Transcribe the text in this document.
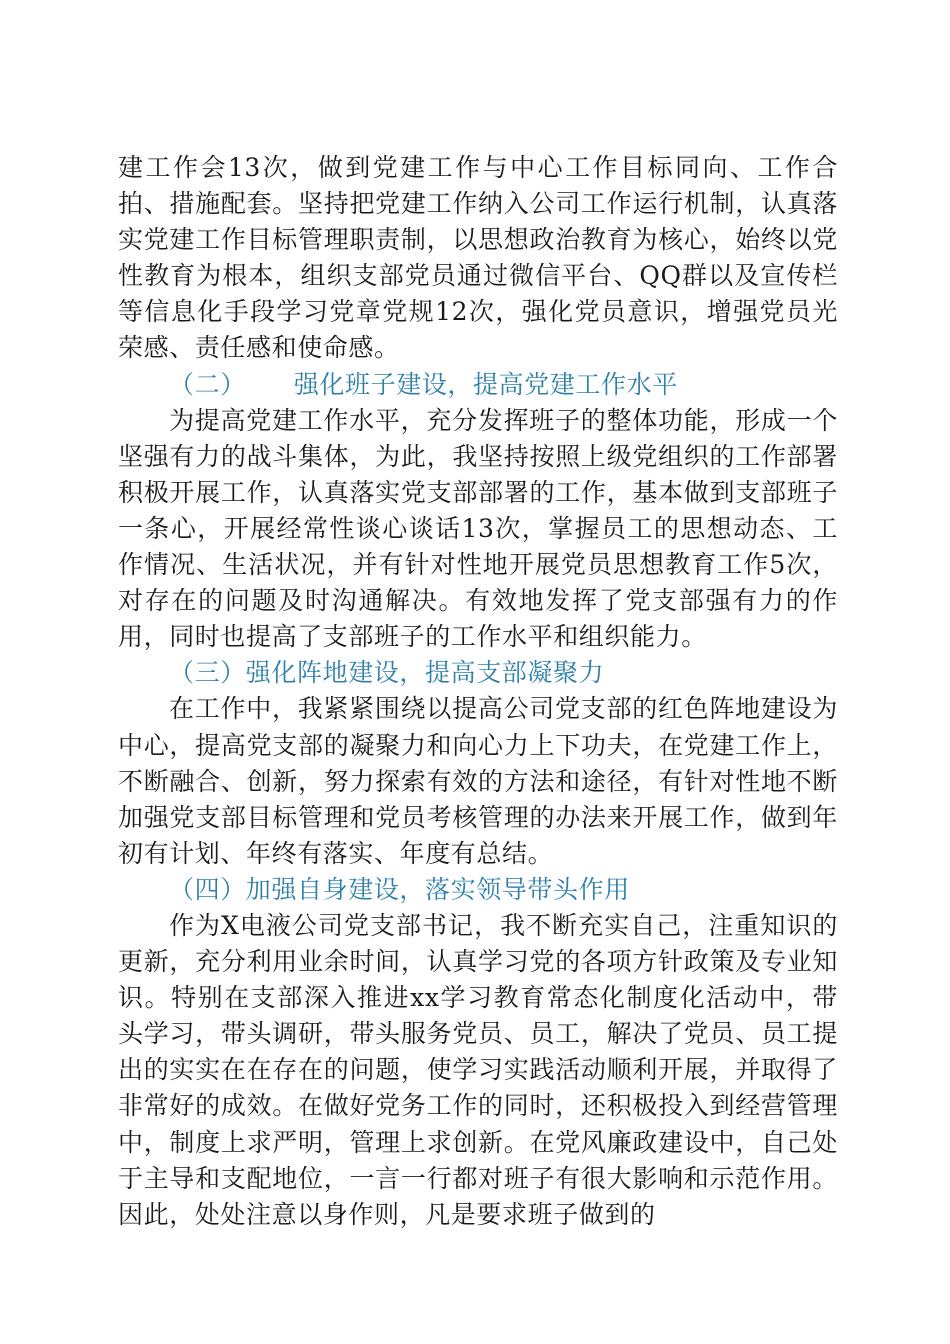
建工作会13次，做到党建工作与中心工作目标同向、工作合拍、措施配套。坚持把党建工作纳入公司工作运行机制，认真落实党建工作目标管理职责制，以思想政治教育为核心，始终以党性教育为根本，组织支部党员通过微信平台、QQ群以及宣传栏等信息化手段学习党章党规12次，强化党员意识，增强党员光荣感、责任感和使命感。

（二） 强化班子建设，提高党建工作水平

为提高党建工作水平，充分发挥班子的整体功能，形成一个坚强有力的战斗集体，为此，我坚持按照上级党组织的工作部署积极开展工作，认真落实党支部部署的工作，基本做到支部班子一条心，开展经常性谈心谈话13次，掌握员工的思想动态、工作情况、生活状况，并有针对性地开展党员思想教育工作5次，对存在的问题及时沟通解决。有效地发挥了党支部强有力的作用，同时也提高了支部班子的工作水平和组织能力。

（三）强化阵地建设，提高支部凝聚力

在工作中，我紧紧围绕以提高公司党支部的红色阵地建设为中心，提高党支部的凝聚力和向心力上下功夫，在党建工作上，不断融合、创新，努力探索有效的方法和途径，有针对性地不断加强党支部目标管理和党员考核管理的办法来开展工作，做到年初有计划、年终有落实、年度有总结。

（四）加强自身建设，落实领导带头作用

作为X电液公司党支部书记，我不断充实自己，注重知识的更新，充分利用业余时间，认真学习党的各项方针政策及专业知识。特别在支部深入推进xx学习教育常态化制度化活动中，带头学习，带头调研，带头服务党员、员工，解决了党员、员工提出的实实在在存在的问题，使学习实践活动顺利开展，并取得了非常好的成效。在做好党务工作的同时，还积极投入到经营管理中，制度上求严明，管理上求创新。在党风廉政建设中，自己处于主导和支配地位，一言一行都对班子有很大影响和示范作用。因此，处处注意以身作则，凡是要求班子做到的
